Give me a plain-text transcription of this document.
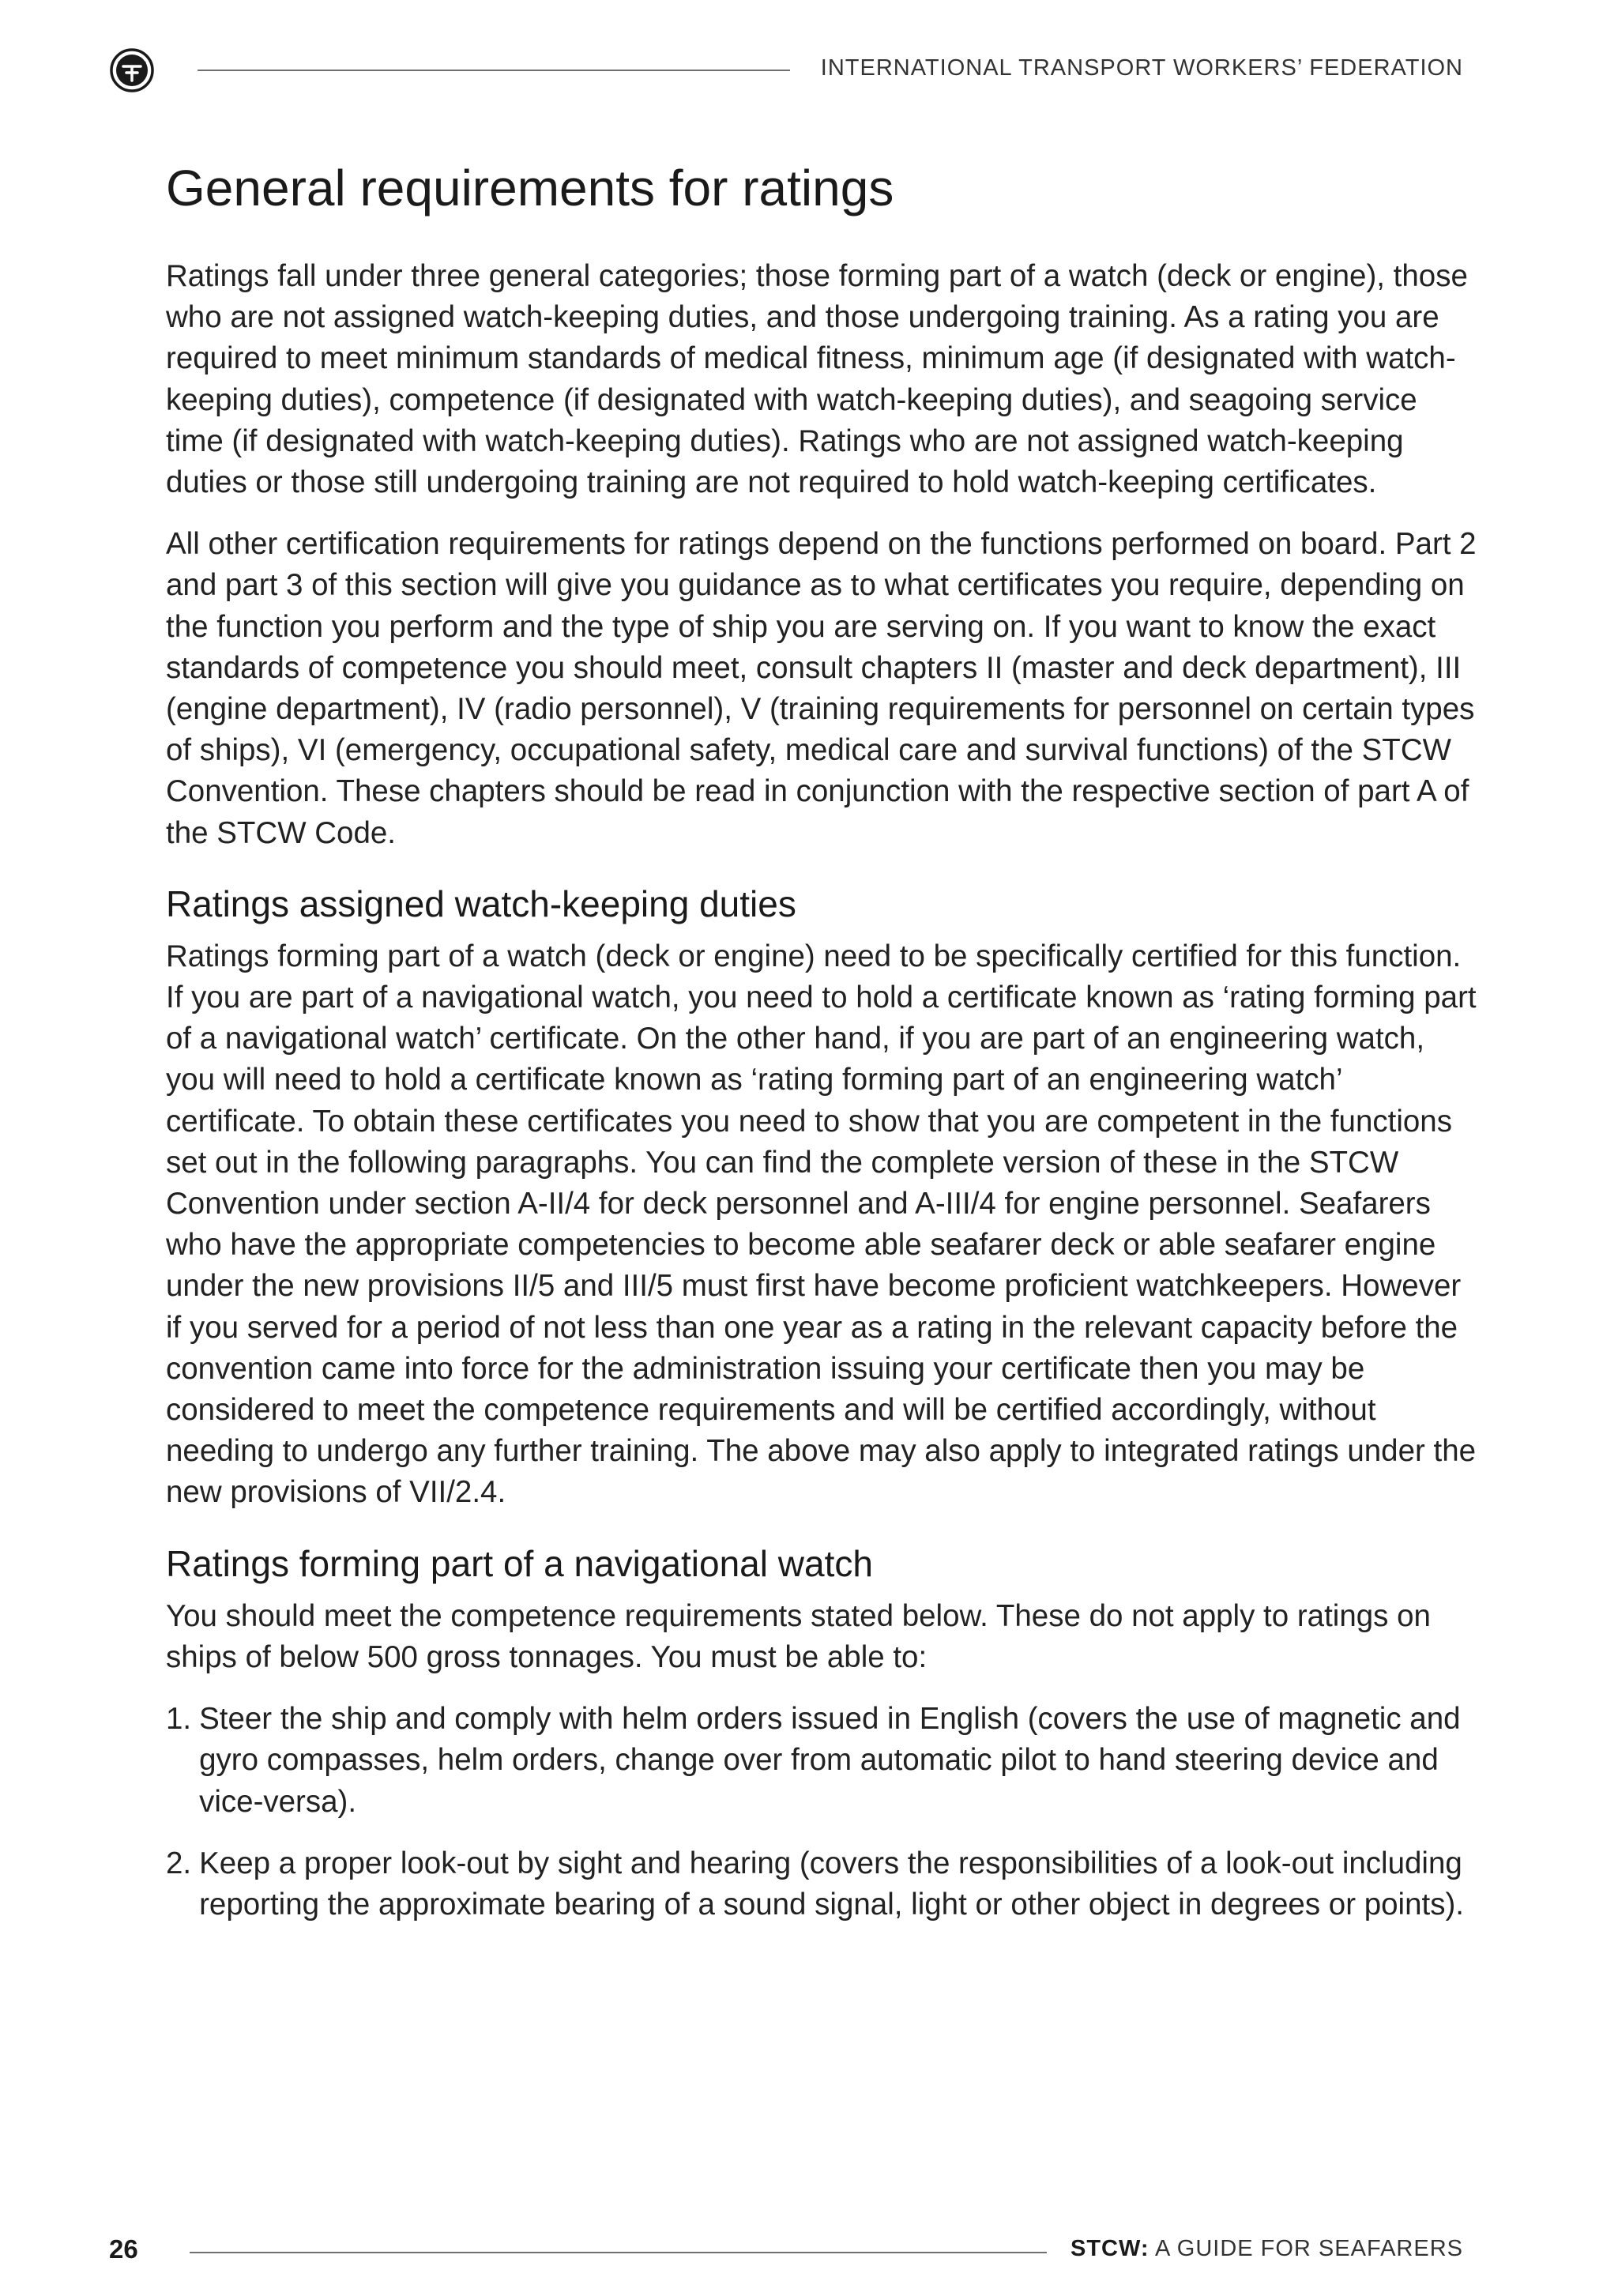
INTERNATIONAL TRANSPORT WORKERS’ FEDERATION
General requirements for ratings

Ratings fall under three general categories; those forming part of a watch (deck or engine), those who are not assigned watch-keeping duties, and those undergoing training. As a rating you are required to meet minimum standards of medical fitness, minimum age (if designated with watch-keeping duties), competence (if designated with watch-keeping duties), and seagoing service time (if designated with watch-keeping duties). Ratings who are not assigned watch-keeping duties or those still undergoing training are not required to hold watch-keeping certificates.

All other certification requirements for ratings depend on the functions performed on board. Part 2 and part 3 of this section will give you guidance as to what certificates you require, depending on the function you perform and the type of ship you are serving on. If you want to know the exact standards of competence you should meet, consult chapters II (master and deck department), III (engine department), IV (radio personnel), V (training requirements for personnel on certain types of ships), VI (emergency, occupational safety, medical care and survival functions) of the STCW Convention. These chapters should be read in conjunction with the respective section of part A of the STCW Code.

Ratings assigned watch-keeping duties

Ratings forming part of a watch (deck or engine) need to be specifically certified for this function. If you are part of a navigational watch, you need to hold a certificate known as ‘rating forming part of a navigational watch’ certificate. On the other hand, if you are part of an engineering watch, you will need to hold a certificate known as ‘rating forming part of an engineering watch’ certificate. To obtain these certificates you need to show that you are competent in the functions set out in the following paragraphs. You can find the complete version of these in the STCW Convention under section A-II/4 for deck personnel and A-III/4 for engine personnel. Seafarers who have the appropriate competencies to become able seafarer deck or able seafarer engine under the new provisions II/5 and III/5 must first have become proficient watchkeepers. However if you served for a period of not less than one year as a rating in the relevant capacity before the convention came into force for the administration issuing your certificate then you may be considered to meet the competence requirements and will be certified accordingly, without needing to undergo any further training. The above may also apply to integrated ratings under the new provisions of VII/2.4.

Ratings forming part of a navigational watch

You should meet the competence requirements stated below. These do not apply to ratings on ships of below 500 gross tonnages. You must be able to:

1. Steer the ship and comply with helm orders issued in English (covers the use of magnetic and gyro compasses, helm orders, change over from automatic pilot to hand steering device and vice-versa).
2. Keep a proper look-out by sight and hearing (covers the responsibilities of a look-out including reporting the approximate bearing of a sound signal, light or other object in degrees or points).
26	STCW: A GUIDE FOR SEAFARERS
